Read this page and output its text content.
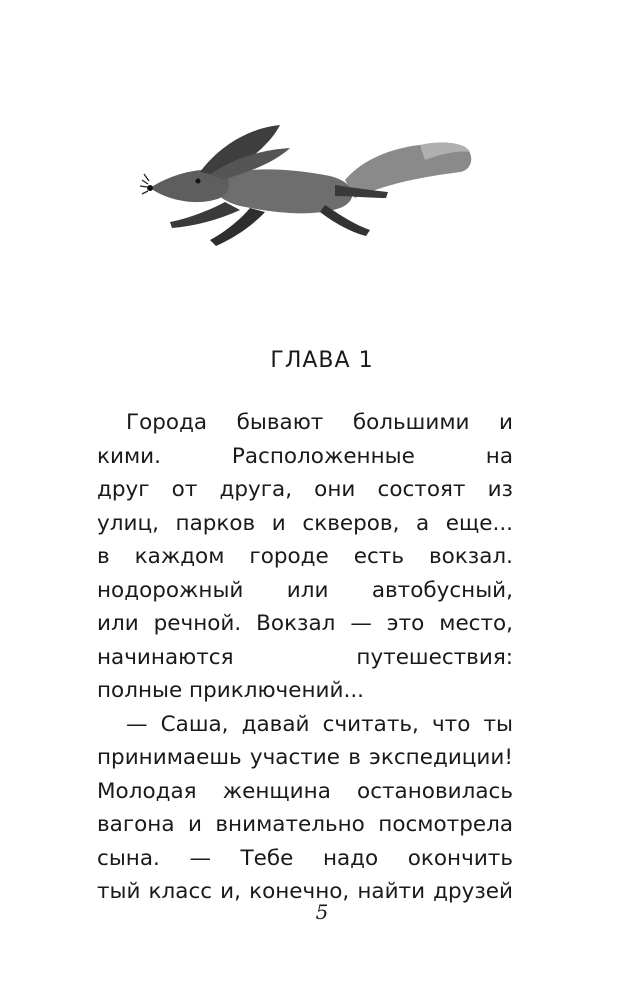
ГЛАВА 1
Города бывают большими и
кими. Расположенные на
друг от друга, они состоят из
улиц, парков и скверов, а еще...
в каждом городе есть вокзал.
нодорожный или автобусный,
или речной. Вокзал — это место,
начинаются путешествия:
полные приключений...
— Саша, давай считать, что ты
принимаешь участие в экспедиции!
Молодая женщина остановилась
вагона и внимательно посмотрела
сына. — Тебе надо окончить
тый класс и, конечно, найти друзей
5
